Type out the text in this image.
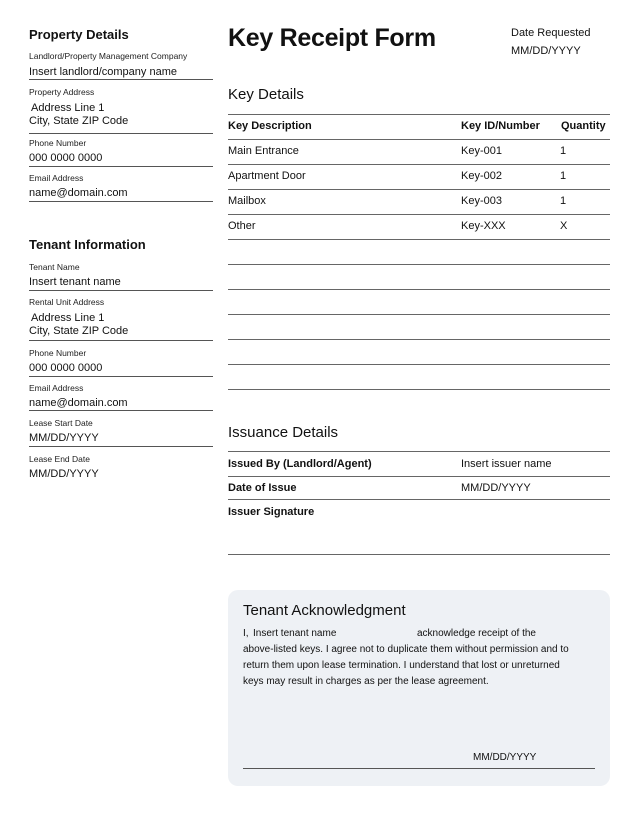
Property Details
Landlord/Property Management Company
Insert landlord/company name
Property Address
Address Line 1
City, State ZIP Code
Phone Number
000 0000 0000
Email Address
name@domain.com
Tenant Information
Tenant Name
Insert tenant name
Rental Unit Address
Address Line 1
City, State ZIP Code
Phone Number
000 0000 0000
Email Address
name@domain.com
Lease Start Date
MM/DD/YYYY
Lease End Date
MM/DD/YYYY
Key Receipt Form	Date Requested
MM/DD/YYYY
Key Details
Key Description	Key ID/Number Quantity
Main Entrance	Key-001	1
Apartment Door	Key-002	1
Mailbox	Key-003	1
Other	Key-XXX	X
Issuance Details
Issued By (Landlord/Agent)	Insert issuer name
Date of Issue	MM/DD/YYYY
Issuer Signature
Tenant Acknowledgment
I, Insert tenant name	acknowledge receipt of the
above-listed keys. I agree not to duplicate them without permission and to
return them upon lease termination. I understand that lost or unreturned
keys may result in charges as per the lease agreement.
MM/DD/YYYY
